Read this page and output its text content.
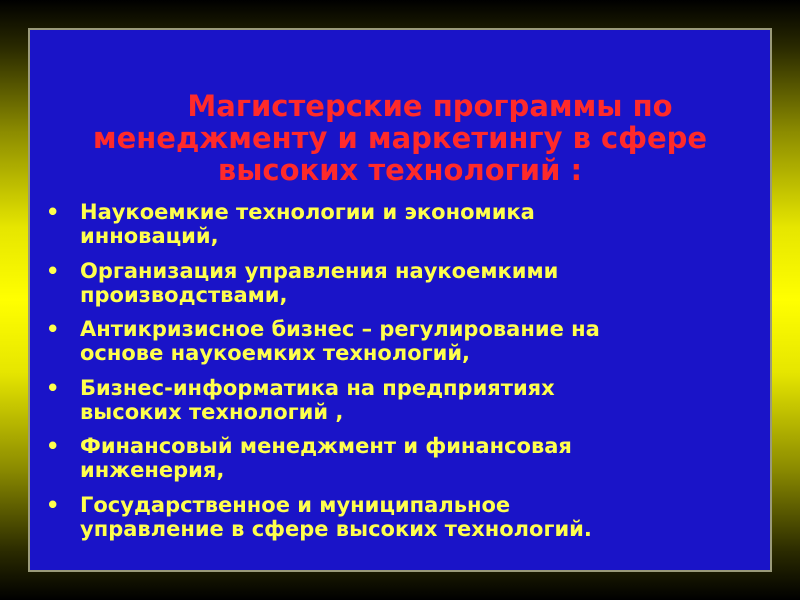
Магистерские программы по
менеджменту и маркетингу в сфере
высоких технологий :
• Наукоемкие технологии и экономика
инноваций,
• Организация управления наукоемкими
производствами,
• Антикризисное бизнес – регулирование на
основе наукоемких технологий,
• Бизнес-информатика на предприятиях
высоких технологий ,
• Финансовый менеджмент и финансовая
инженерия,
• Государственное и муниципальное
управление в сфере высоких технологий.
